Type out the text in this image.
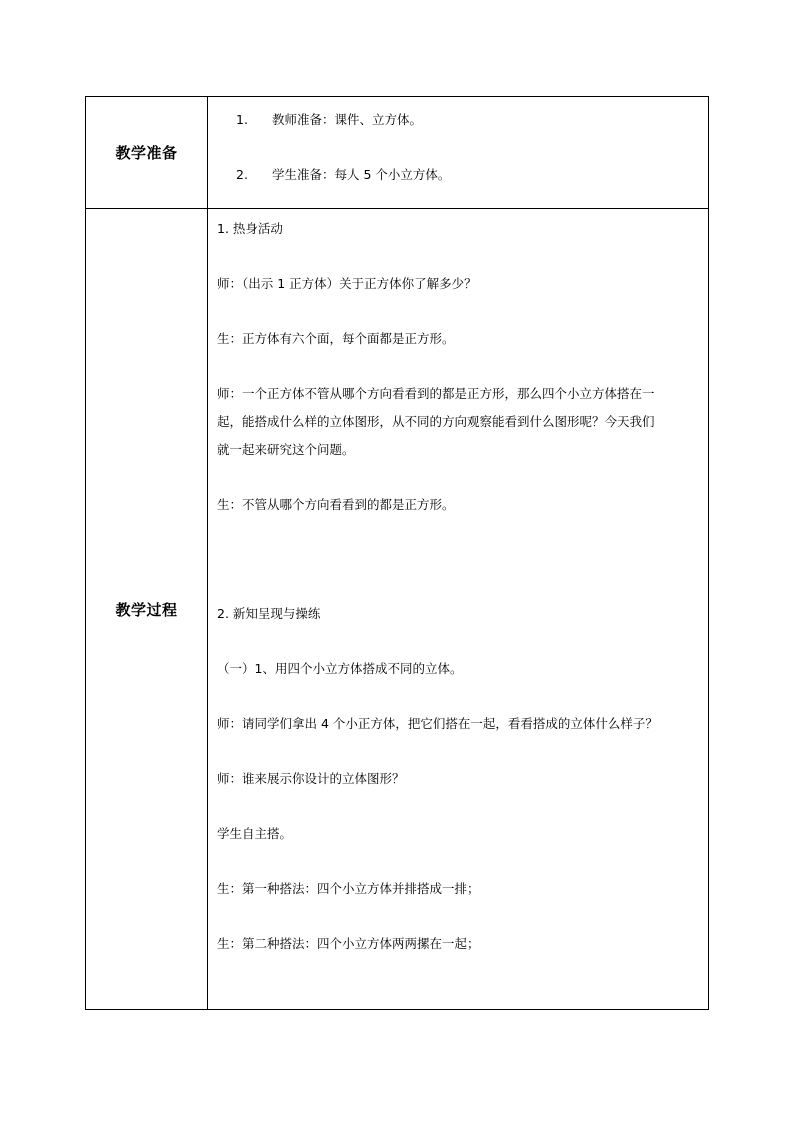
教学准备
1. 教师准备：课件、立方体。
2. 学生准备：每人 5 个小立方体。
教学过程
1. 热身活动
师：（出示 1 正方体）关于正方体你了解多少？
生：正方体有六个面，每个面都是正方形。
师：一个正方体不管从哪个方向看看到的都是正方形，那么四个小立方体搭在一
起，能搭成什么样的立体图形，从不同的方向观察能看到什么图形呢？今天我们
就一起来研究这个问题。
生：不管从哪个方向看看到的都是正方形。
2. 新知呈现与操练
（一）1、用四个小立方体搭成不同的立体。
师：请同学们拿出 4 个小正方体，把它们搭在一起，看看搭成的立体什么样子？
师：谁来展示你设计的立体图形？
学生自主搭。
生：第一种搭法：四个小立方体并排搭成一排；
生：第二种搭法：四个小立方体两两摞在一起；
